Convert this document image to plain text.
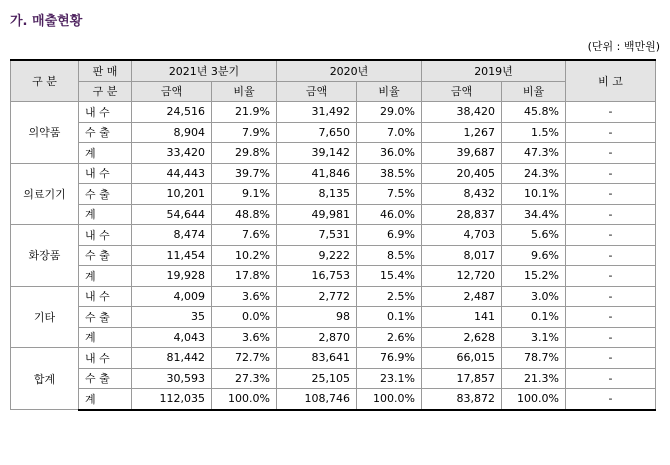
가. 매출현황
(단위 : 백만원)
구 분	판 매	2021년 3분기		2020년		2019년		비 고
	구 분	금액	비율	금액	비율	금액	비율	
의약품	내 수	24,516	21.9%	31,492	29.0%	38,420	45.8%	-
	수 출	8,904	7.9%	7,650	7.0%	1,267	1.5%	-
	계	33,420	29.8%	39,142	36.0%	39,687	47.3%	-
의료기기	내 수	44,443	39.7%	41,846	38.5%	20,405	24.3%	-
	수 출	10,201	9.1%	8,135	7.5%	8,432	10.1%	-
	계	54,644	48.8%	49,981	46.0%	28,837	34.4%	-
화장품	내 수	8,474	7.6%	7,531	6.9%	4,703	5.6%	-
	수 출	11,454	10.2%	9,222	8.5%	8,017	9.6%	-
	계	19,928	17.8%	16,753	15.4%	12,720	15.2%	-
기타	내 수	4,009	3.6%	2,772	2.5%	2,487	3.0%	-
	수 출	35	0.0%	98	0.1%	141	0.1%	-
	계	4,043	3.6%	2,870	2.6%	2,628	3.1%	-
합계	내 수	81,442	72.7%	83,641	76.9%	66,015	78.7%	-
	수 출	30,593	27.3%	25,105	23.1%	17,857	21.3%	-
	계	112,035	100.0%	108,746	100.0%	83,872	100.0%	-
